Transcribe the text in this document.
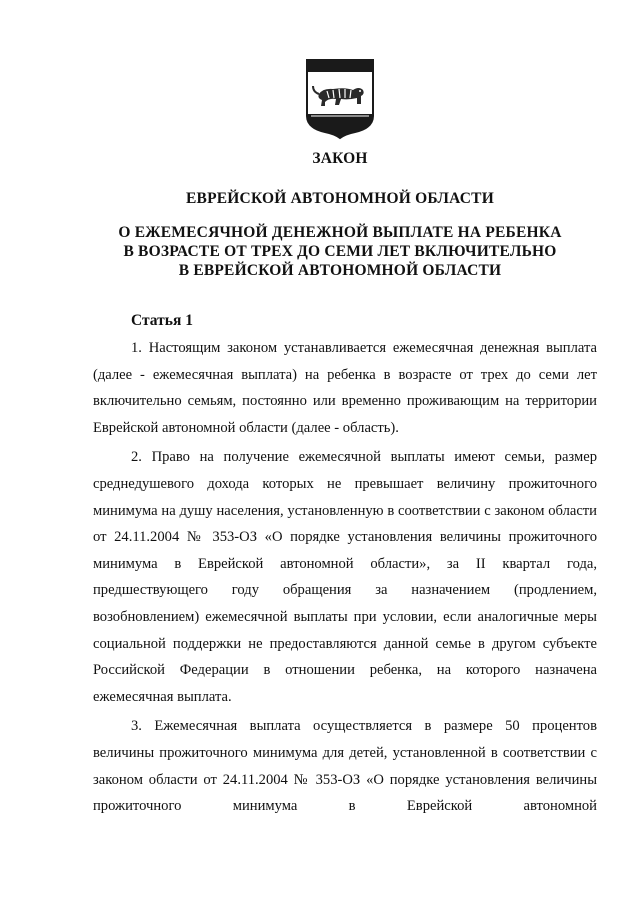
ЗАКОН
ЕВРЕЙСКОЙ АВТОНОМНОЙ ОБЛАСТИ
О ЕЖЕМЕСЯЧНОЙ ДЕНЕЖНОЙ ВЫПЛАТЕ НА РЕБЕНКА
В ВОЗРАСТЕ ОТ ТРЕХ ДО СЕМИ ЛЕТ ВКЛЮЧИТЕЛЬНО
В ЕВРЕЙСКОЙ АВТОНОМНОЙ ОБЛАСТИ
Статья 1

1. Настоящим законом устанавливается ежемесячная денежная выплата (далее - ежемесячная выплата) на ребенка в возрасте от трех до семи лет включительно семьям, постоянно или временно проживающим на территории Еврейской автономной области (далее - область).

2. Право на получение ежемесячной выплаты имеют семьи, размер среднедушевого дохода которых не превышает величину прожиточного минимума на душу населения, установленную в соответствии с законом области от 24.11.2004 № 353-ОЗ «О порядке установления величины прожиточного минимума в Еврейской автономной области», за II квартал года, предшествующего году обращения за назначением (продлением, возобновлением) ежемесячной выплаты при условии, если аналогичные меры социальной поддержки не предоставляются данной семье в другом субъекте Российской Федерации в отношении ребенка, на которого назначена ежемесячная выплата.

3. Ежемесячная выплата осуществляется в размере 50 процентов величины прожиточного минимума для детей, установленной в соответствии с законом области от 24.11.2004 № 353-ОЗ «О порядке установления величины прожиточного минимума в Еврейской автономной
